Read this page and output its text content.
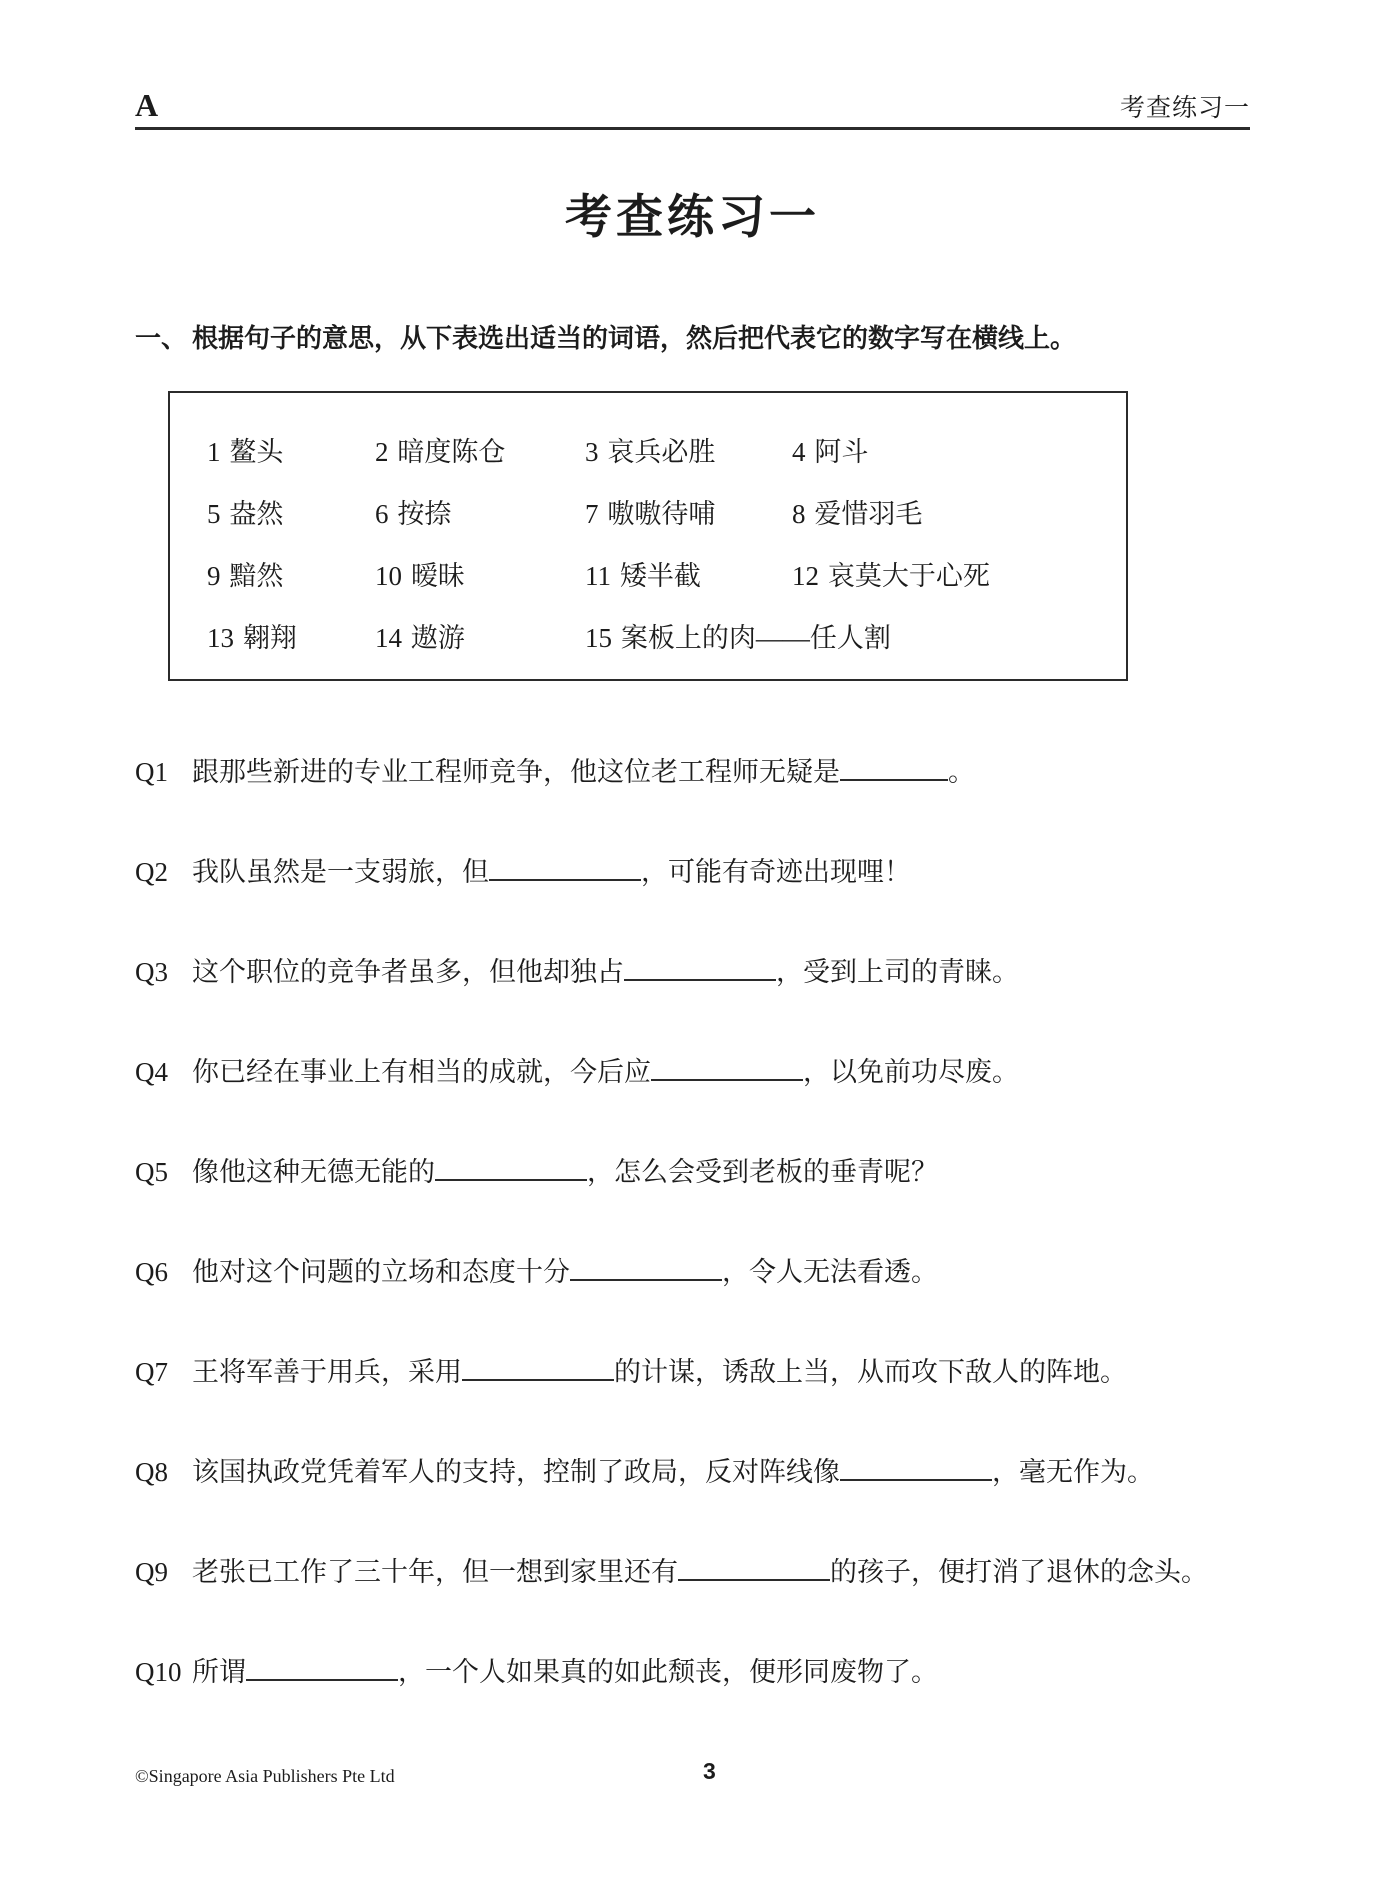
A	考查练习一
考查练习一
一、 根据句子的意思，从下表选出适当的词语，然后把代表它的数字写在横线上。
1 鳌头	2 暗度陈仓	3 哀兵必胜	4 阿斗
5 盎然	6 按捺	7 嗷嗷待哺	8 爱惜羽毛
9 黯然	10 暧昧	11 矮半截	12 哀莫大于心死
13 翱翔	14 遨游	15 案板上的肉——任人割
Q1 跟那些新进的专业工程师竞争，他这位老工程师无疑是	。
Q2 我队虽然是一支弱旅，但	，可能有奇迹出现哩！
Q3 这个职位的竞争者虽多，但他却独占	，受到上司的青睐。
Q4 你已经在事业上有相当的成就，今后应	，以免前功尽废。
Q5 像他这种无德无能的	，怎么会受到老板的垂青呢？
Q6 他对这个问题的立场和态度十分	，令人无法看透。
Q7 王将军善于用兵，采用	的计谋，诱敌上当，从而攻下敌人的阵地。
Q8 该国执政党凭着军人的支持，控制了政局，反对阵线像	，毫无作为。
Q9 老张已工作了三十年，但一想到家里还有	的孩子，便打消了退休的念头。
Q10 所谓	，一个人如果真的如此颓丧，便形同废物了。
©Singapore Asia Publishers Pte Ltd	3
